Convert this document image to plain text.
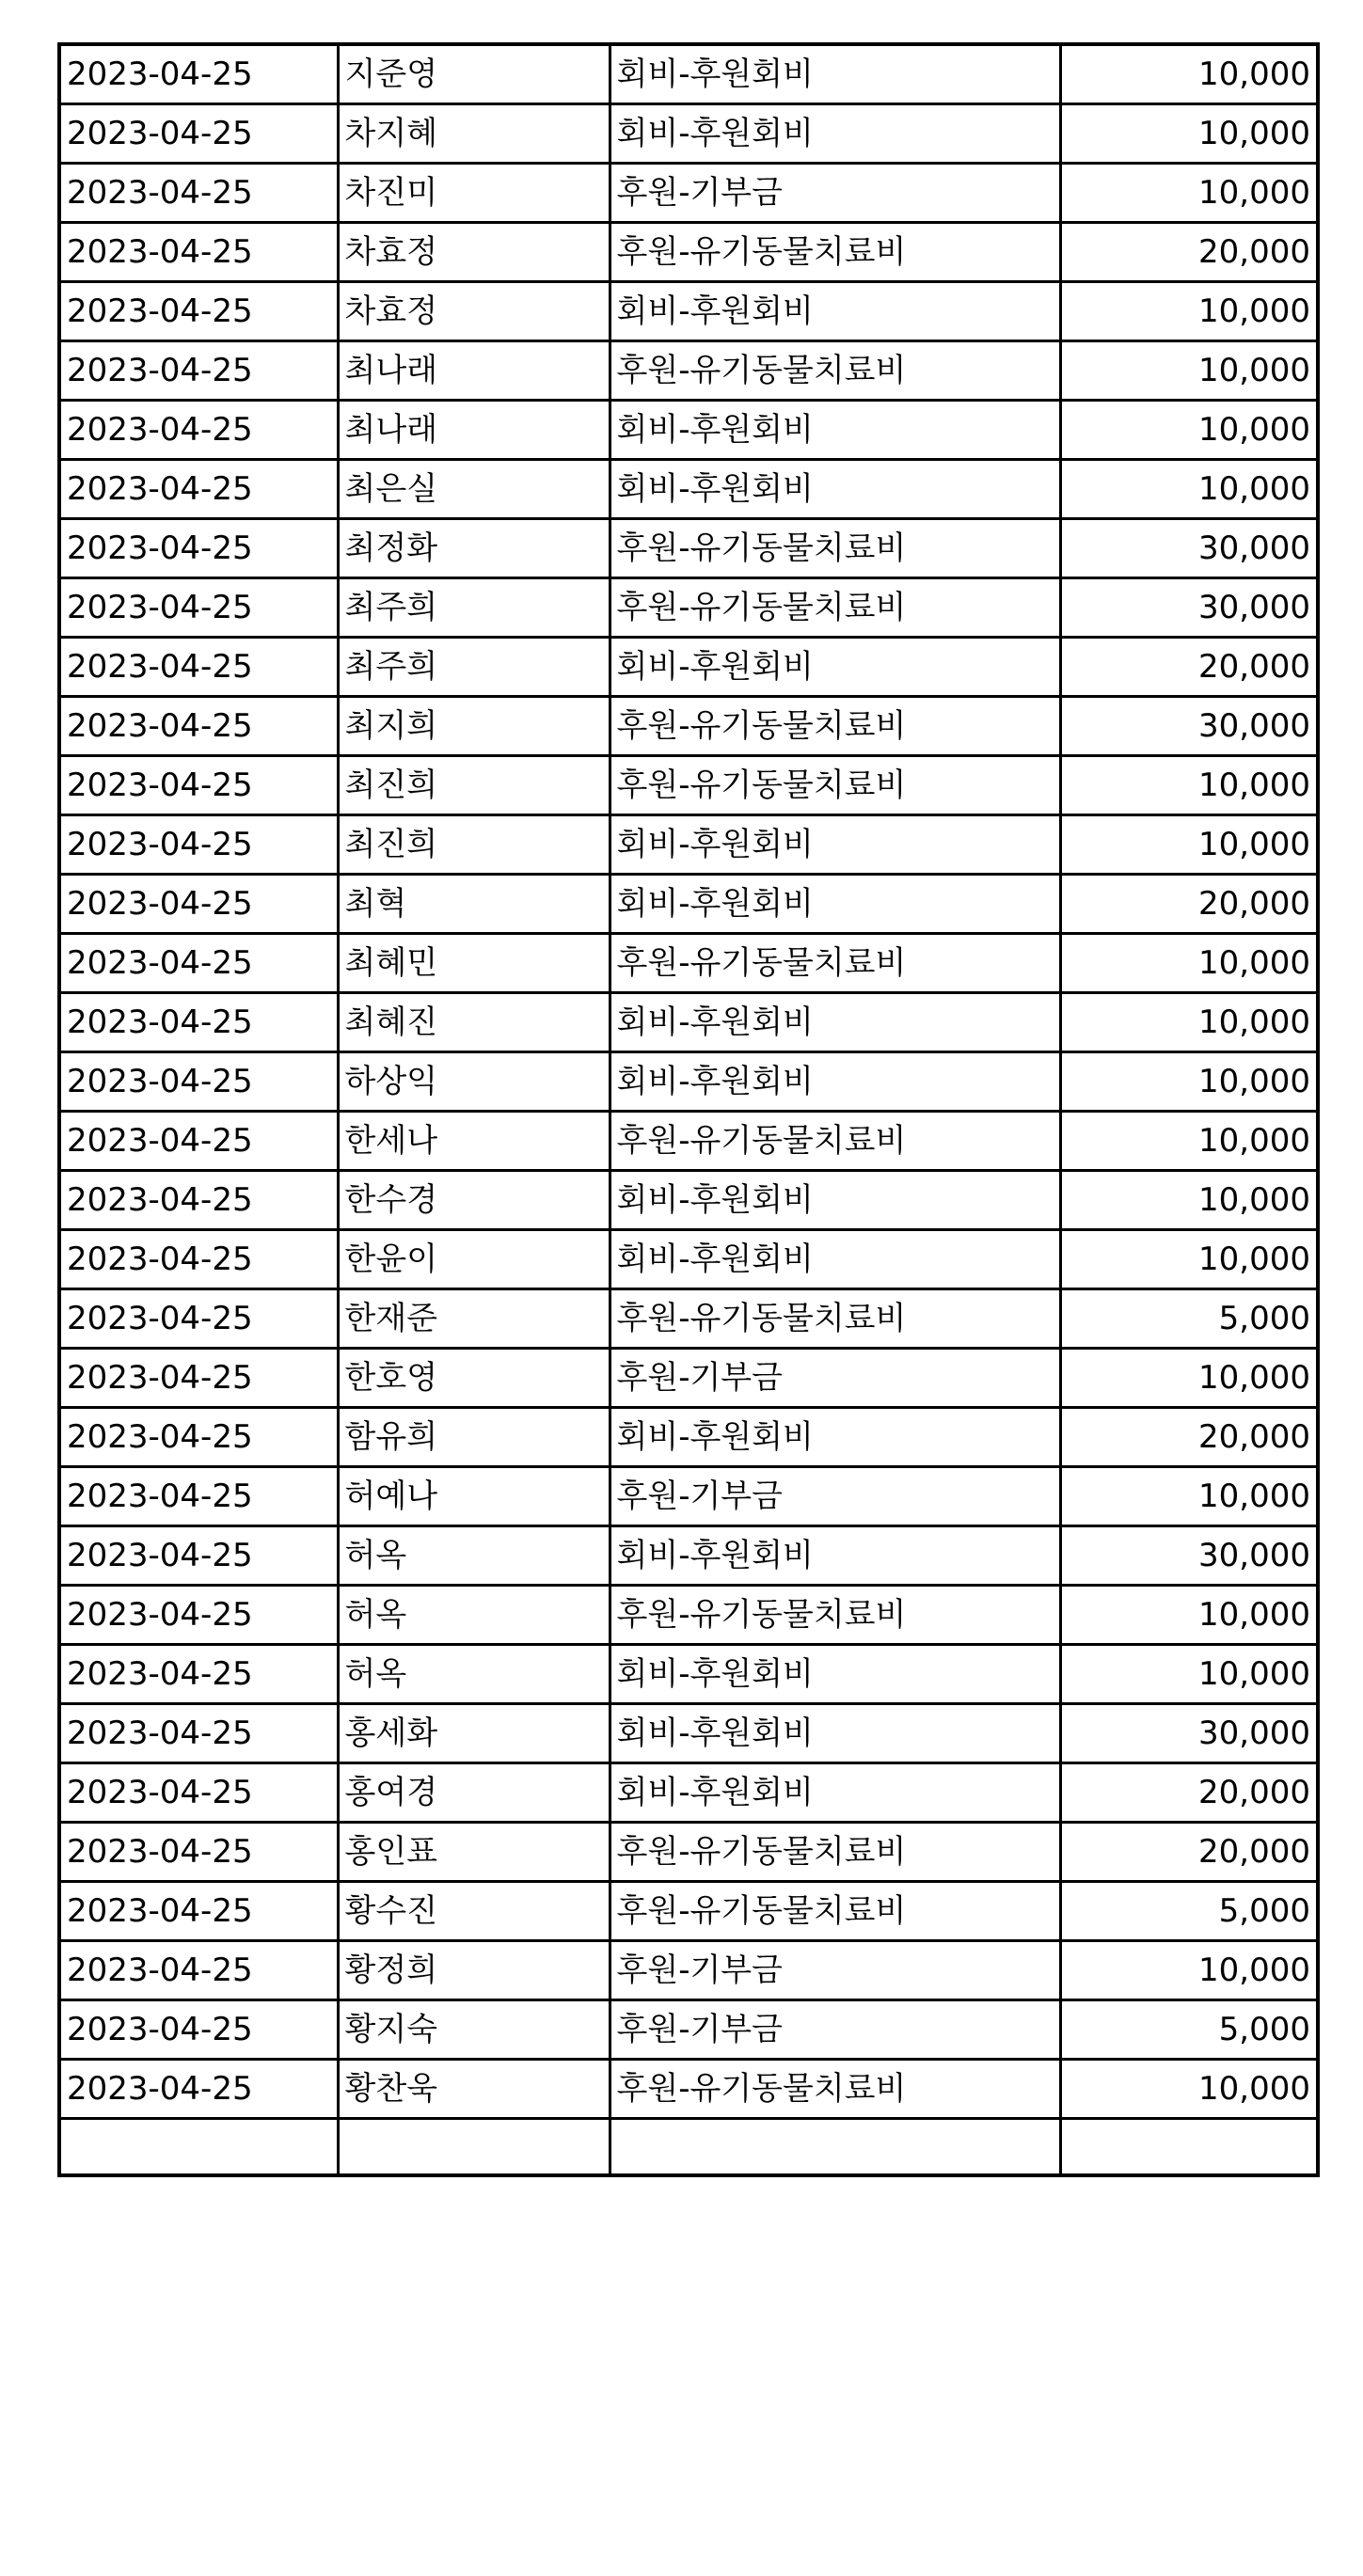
2023-04-25	지준영	회비-후원회비	10,000
2023-04-25	차지혜	회비-후원회비	10,000
2023-04-25	차진미	후원-기부금	10,000
2023-04-25	차효정	후원-유기동물치료비	20,000
2023-04-25	차효정	회비-후원회비	10,000
2023-04-25	최나래	후원-유기동물치료비	10,000
2023-04-25	최나래	회비-후원회비	10,000
2023-04-25	최은실	회비-후원회비	10,000
2023-04-25	최정화	후원-유기동물치료비	30,000
2023-04-25	최주희	후원-유기동물치료비	30,000
2023-04-25	최주희	회비-후원회비	20,000
2023-04-25	최지희	후원-유기동물치료비	30,000
2023-04-25	최진희	후원-유기동물치료비	10,000
2023-04-25	최진희	회비-후원회비	10,000
2023-04-25	최혁	회비-후원회비	20,000
2023-04-25	최혜민	후원-유기동물치료비	10,000
2023-04-25	최혜진	회비-후원회비	10,000
2023-04-25	하상익	회비-후원회비	10,000
2023-04-25	한세나	후원-유기동물치료비	10,000
2023-04-25	한수경	회비-후원회비	10,000
2023-04-25	한윤이	회비-후원회비	10,000
2023-04-25	한재준	후원-유기동물치료비	5,000
2023-04-25	한호영	후원-기부금	10,000
2023-04-25	함유희	회비-후원회비	20,000
2023-04-25	허예나	후원-기부금	10,000
2023-04-25	허옥	회비-후원회비	30,000
2023-04-25	허옥	후원-유기동물치료비	10,000
2023-04-25	허옥	회비-후원회비	10,000
2023-04-25	홍세화	회비-후원회비	30,000
2023-04-25	홍여경	회비-후원회비	20,000
2023-04-25	홍인표	후원-유기동물치료비	20,000
2023-04-25	황수진	후원-유기동물치료비	5,000
2023-04-25	황정희	후원-기부금	10,000
2023-04-25	황지숙	후원-기부금	5,000
2023-04-25	황찬욱	후원-유기동물치료비	10,000
